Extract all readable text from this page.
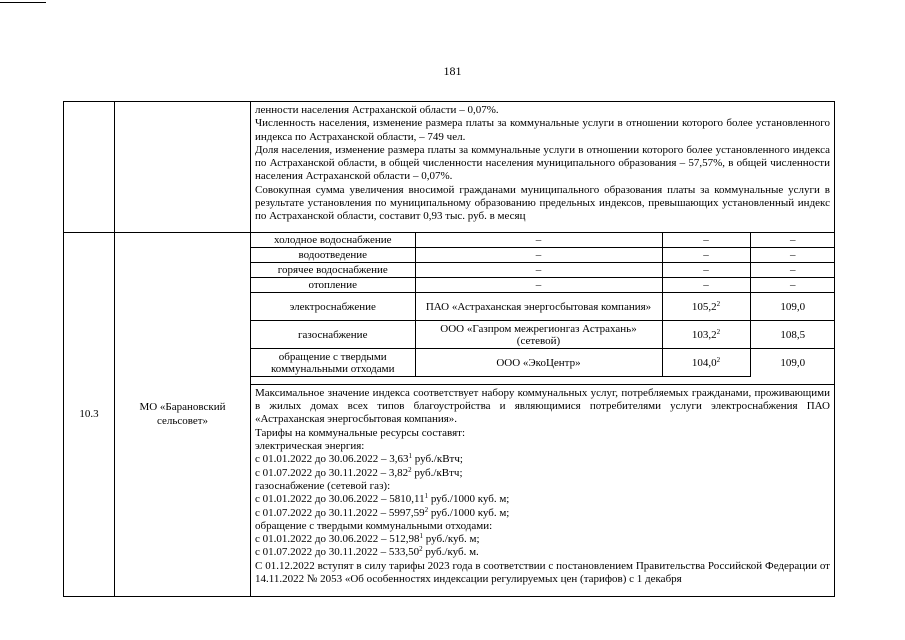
181

ленности населения Астраханской области – 0,07%.

Численность населения, изменение размера платы за коммунальные услуги в отношении которого более установленного индекса по Астраханской области, – 749 чел.

Доля населения, изменение размера платы за коммунальные услуги в отношении которого более установленного индекса по Астраханской области, в общей численности населения муниципального образования – 57,57%, в общей численности населения Астраханской области – 0,07%.

Совокупная сумма увеличения вносимой гражданами муниципального образования платы за коммунальные услуги в результате установления по муниципальному образованию предельных индексов, превышающих установленный индекс по Астраханской области, составит 0,93 тыс. руб. в месяц

10.3	МО «Барановский сельсовет»	
холодное водоснабжение	–	–	–
водоотведение	–	–	–
горячее водоснабжение	–	–	–
отопление	–	–	–
электроснабжение	ПАО «Астраханская энергосбытовая компания»	105,2$^2$	109,0
газоснабжение	ООО «Газпром межрегионгаз Астрахань» (сетевой)	103,2$^2$	108,5
обращение с твердыми коммунальными отходами	ООО «ЭкоЦентр»	104,0$^2$	109,0

Максимальное значение индекса соответствует набору коммунальных услуг, потребляемых гражданами, проживающими в жилых домах всех типов благоустройства и являющимися потребителями услуги электроснабжения ПАО «Астраханская энергосбытовая компания».

Тарифы на коммунальные ресурсы составят:

электрическая энергия:

с 01.01.2022 до 30.06.2022 – 3,63$^1$ руб./кВтч;

с 01.07.2022 до 30.11.2022 – 3,82$^2$ руб./кВтч;

газоснабжение (сетевой газ):

с 01.01.2022 до 30.06.2022 – 5810,11$^1$ руб./1000 куб. м;

с 01.07.2022 до 30.11.2022 – 5997,59$^2$ руб./1000 куб. м;

обращение с твердыми коммунальными отходами:

с 01.01.2022 до 30.06.2022 – 512,98$^1$ руб./куб. м;

с 01.07.2022 до 30.11.2022 – 533,50$^2$ руб./куб. м.

С 01.12.2022 вступят в силу тарифы 2023 года в соответствии с постановлением Правительства Российской Федерации от 14.11.2022 № 2053 «Об особенностях индексации регулируемых цен (тарифов) с 1 декабря
